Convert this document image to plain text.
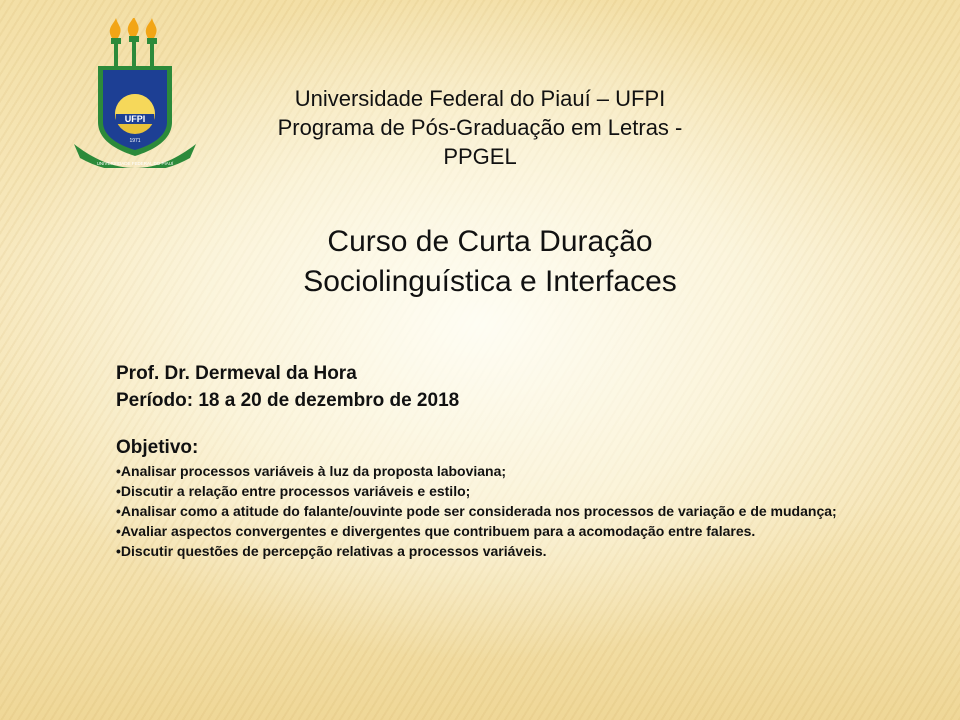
UFPI
1971
UNIVERSIDADE FEDERAL DO PIAUÍ
Universidade Federal do Piauí – UFPI
Programa de Pós-Graduação em Letras - PPGEL
Curso de Curta Duração
Sociolinguística e Interfaces
Prof. Dr. Dermeval da Hora
Período: 18 a 20 de dezembro de 2018
Objetivo:
• Analisar processos variáveis à luz da proposta laboviana;
• Discutir a relação entre processos variáveis e estilo;
• Analisar como a atitude do falante/ouvinte pode ser considerada nos processos de variação e de mudança;
• Avaliar aspectos convergentes e divergentes que contribuem para a acomodação entre falares.
• Discutir questões de percepção relativas a processos variáveis.
